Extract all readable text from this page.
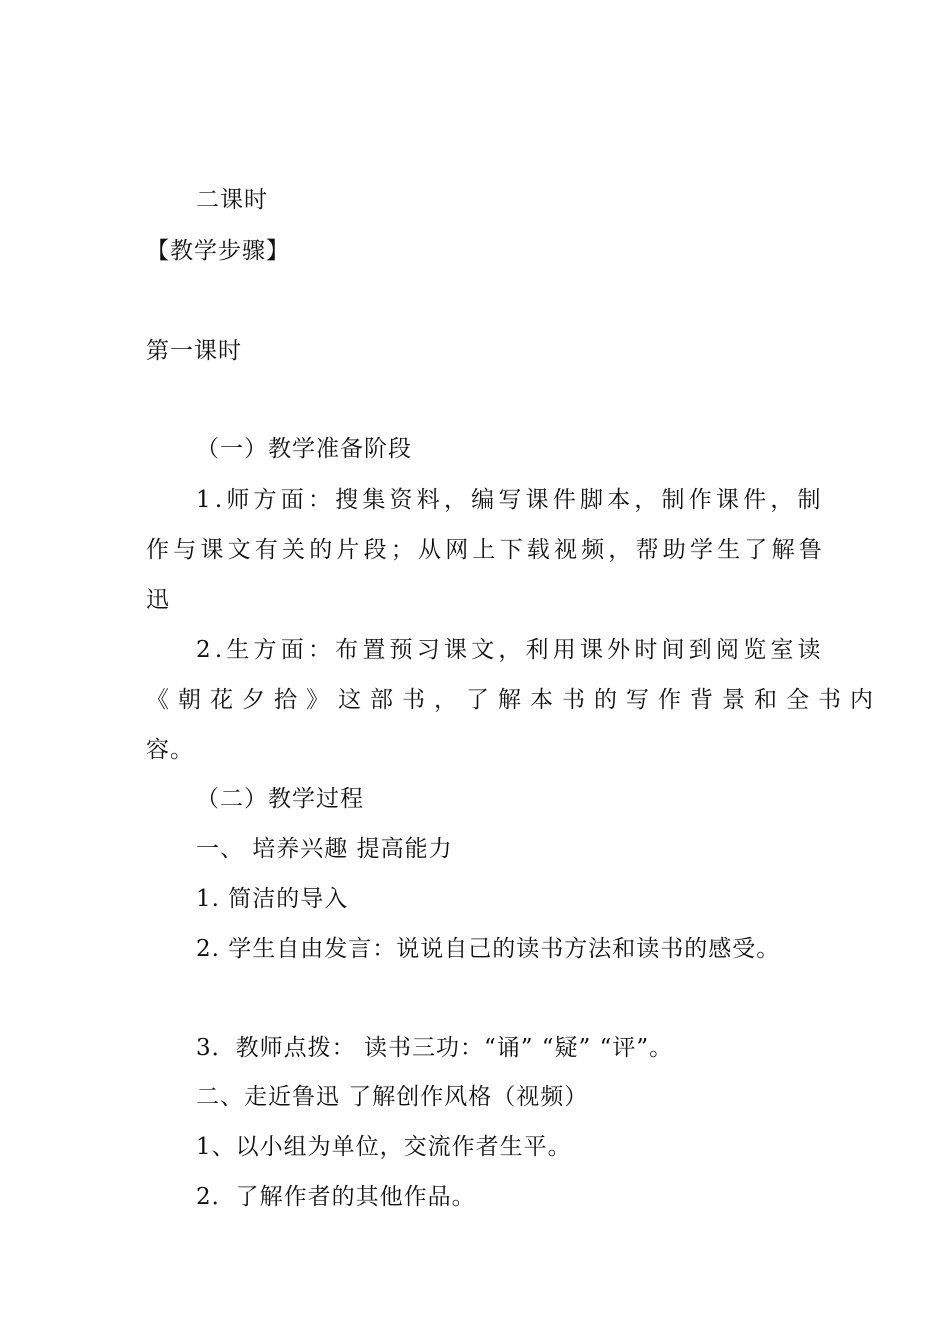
二课时
【教学步骤】
第一课时
（一）教学准备阶段
1.师方面：搜集资料，编写课件脚本，制作课件，制
作与课文有关的片段；从网上下载视频，帮助学生了解鲁
迅
2.生方面：布置预习课文，利用课外时间到阅览室读
《朝花夕拾》这部书，了解本书的写作背景和全书内
容。
（二）教学过程
一、 培养兴趣 提高能力
1. 简洁的导入
2. 学生自由发言：说说自己的读书方法和读书的感受。
3．教师点拨： 读书三功：“诵” “疑” “评”。
二、走近鲁迅 了解创作风格（视频）
1、以小组为单位，交流作者生平。
2．了解作者的其他作品。
